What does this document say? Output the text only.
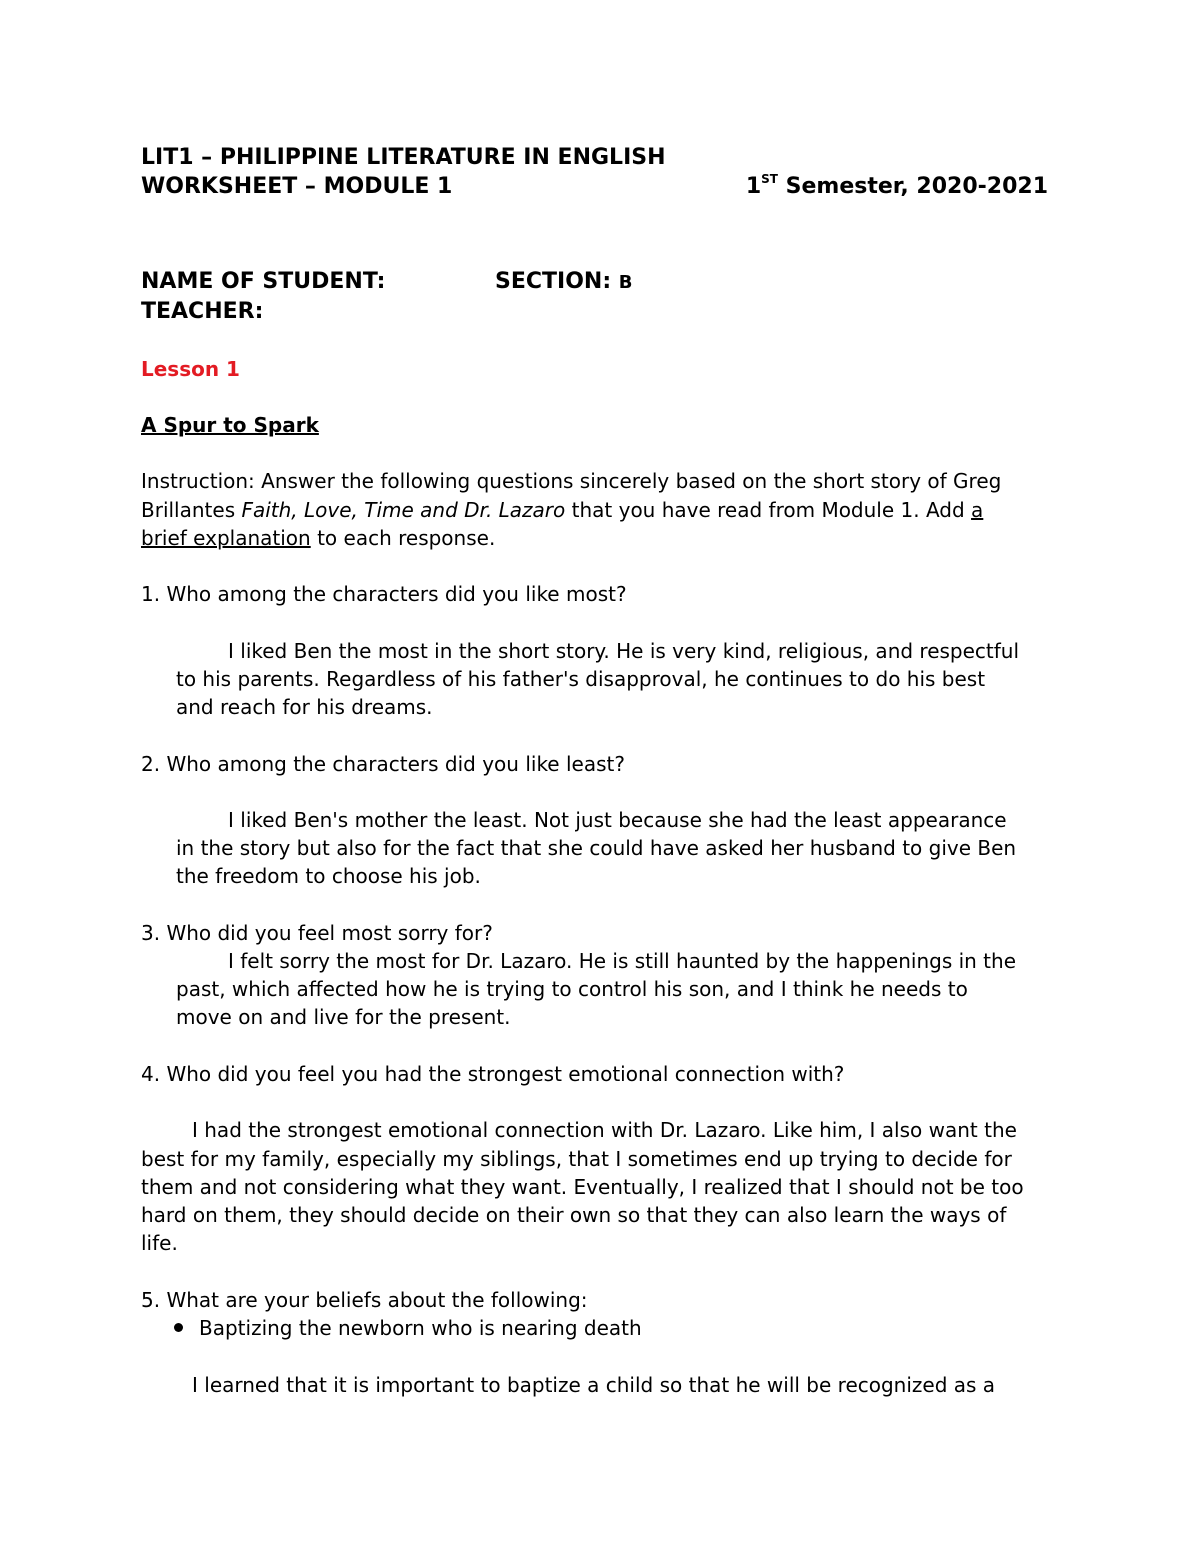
LIT1 – PHILIPPINE LITERATURE IN ENGLISH
WORKSHEET – MODULE 1	1ST Semester, 2020-2021
NAME OF STUDENT:	SECTION: B
TEACHER:
Lesson 1
A Spur to Spark
Instruction: Answer the following questions sincerely based on the short story of Greg
Brillantes Faith, Love, Time and Dr. Lazaro that you have read from Module 1. Add a
brief explanation to each response.
1. Who among the characters did you like most?
I liked Ben the most in the short story. He is very kind, religious, and respectful
to his parents. Regardless of his father's disapproval, he continues to do his best
and reach for his dreams.
2. Who among the characters did you like least?
I liked Ben's mother the least. Not just because she had the least appearance
in the story but also for the fact that she could have asked her husband to give Ben
the freedom to choose his job.
3. Who did you feel most sorry for?
I felt sorry the most for Dr. Lazaro. He is still haunted by the happenings in the
past, which affected how he is trying to control his son, and I think he needs to
move on and live for the present.
4. Who did you feel you had the strongest emotional connection with?
I had the strongest emotional connection with Dr. Lazaro. Like him, I also want the
best for my family, especially my siblings, that I sometimes end up trying to decide for
them and not considering what they want. Eventually, I realized that I should not be too
hard on them, they should decide on their own so that they can also learn the ways of
life.
5. What are your beliefs about the following:
Baptizing the newborn who is nearing death
I learned that it is important to baptize a child so that he will be recognized as a
